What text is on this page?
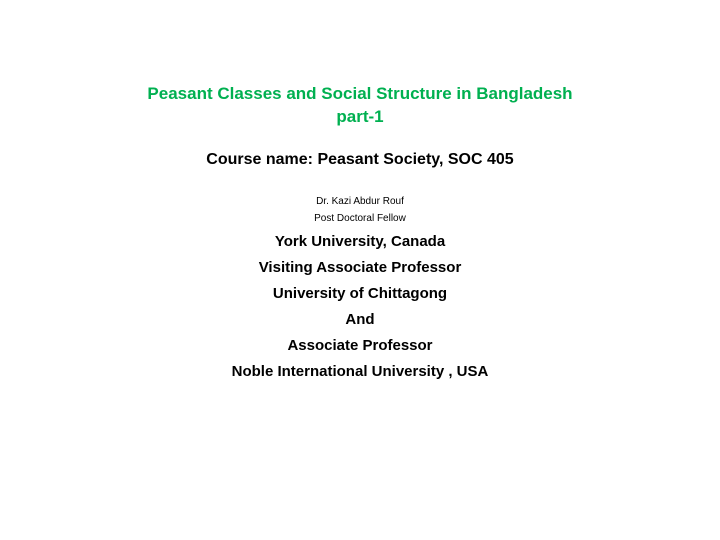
Peasant Classes and Social Structure in Bangladesh
part-1
Course name: Peasant Society, SOC 405
Dr. Kazi Abdur Rouf
Post Doctoral Fellow
York University, Canada
Visiting Associate Professor
University of Chittagong
And
Associate Professor
Noble International University , USA
